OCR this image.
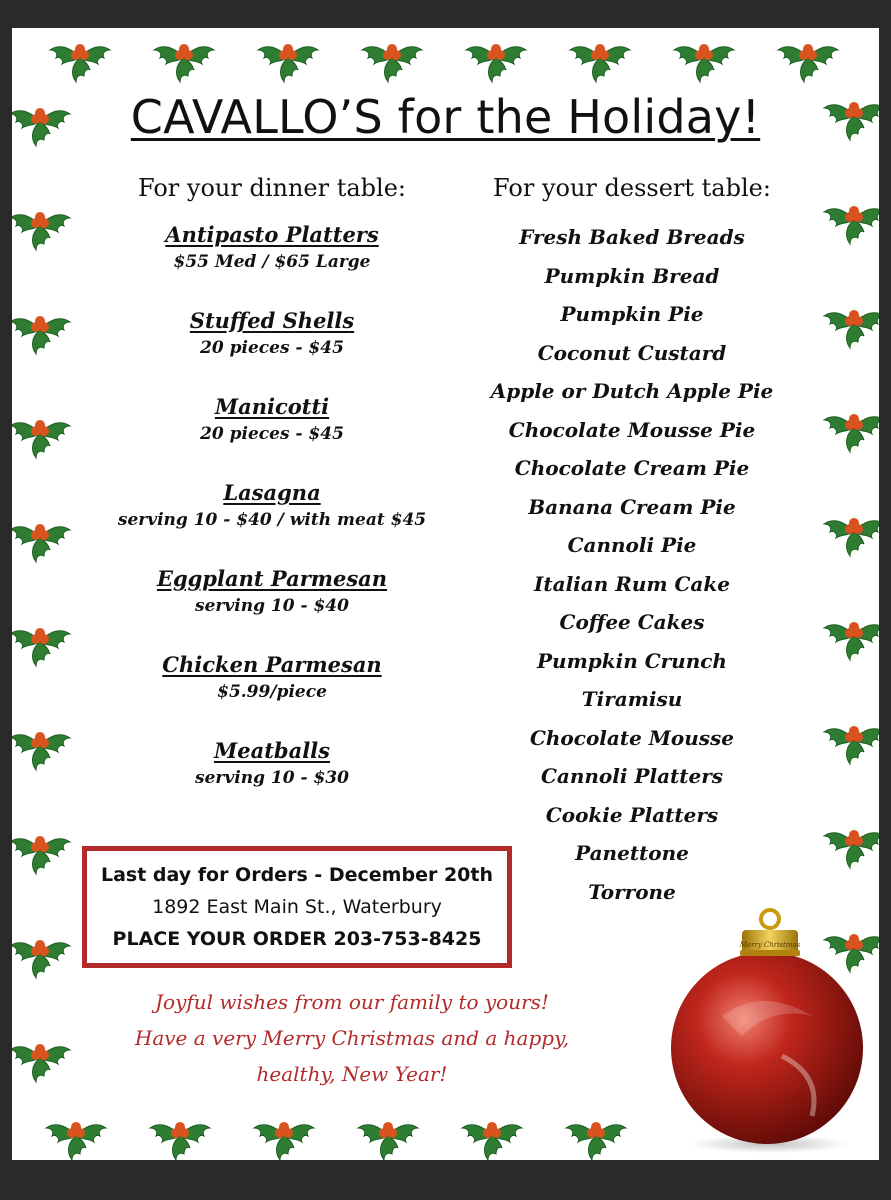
CAVALLO’S for the Holiday!
For your dinner table:	For your dessert table:
Antipasto Platters
$55 Med / $65 Large
Stuffed Shells
20 pieces - $45
Manicotti
20 pieces - $45
Lasagna
serving 10 - $40 / with meat $45
Eggplant Parmesan
serving 10 - $40
Chicken Parmesan
$5.99/piece
Meatballs
serving 10 - $30
Fresh Baked Breads
Pumpkin Bread
Pumpkin Pie
Coconut Custard
Apple or Dutch Apple Pie
Chocolate Mousse Pie
Chocolate Cream Pie
Banana Cream Pie
Cannoli Pie
Italian Rum Cake
Coffee Cakes
Pumpkin Crunch
Tiramisu
Chocolate Mousse
Cannoli Platters
Cookie Platters
Panettone
Torrone
Last day for Orders - December 20th
1892 East Main St., Waterbury
PLACE YOUR ORDER 203-753-8425
Joyful wishes from our family to yours!
Have a very Merry Christmas and a happy,
healthy, New Year!
Merry Christmas
